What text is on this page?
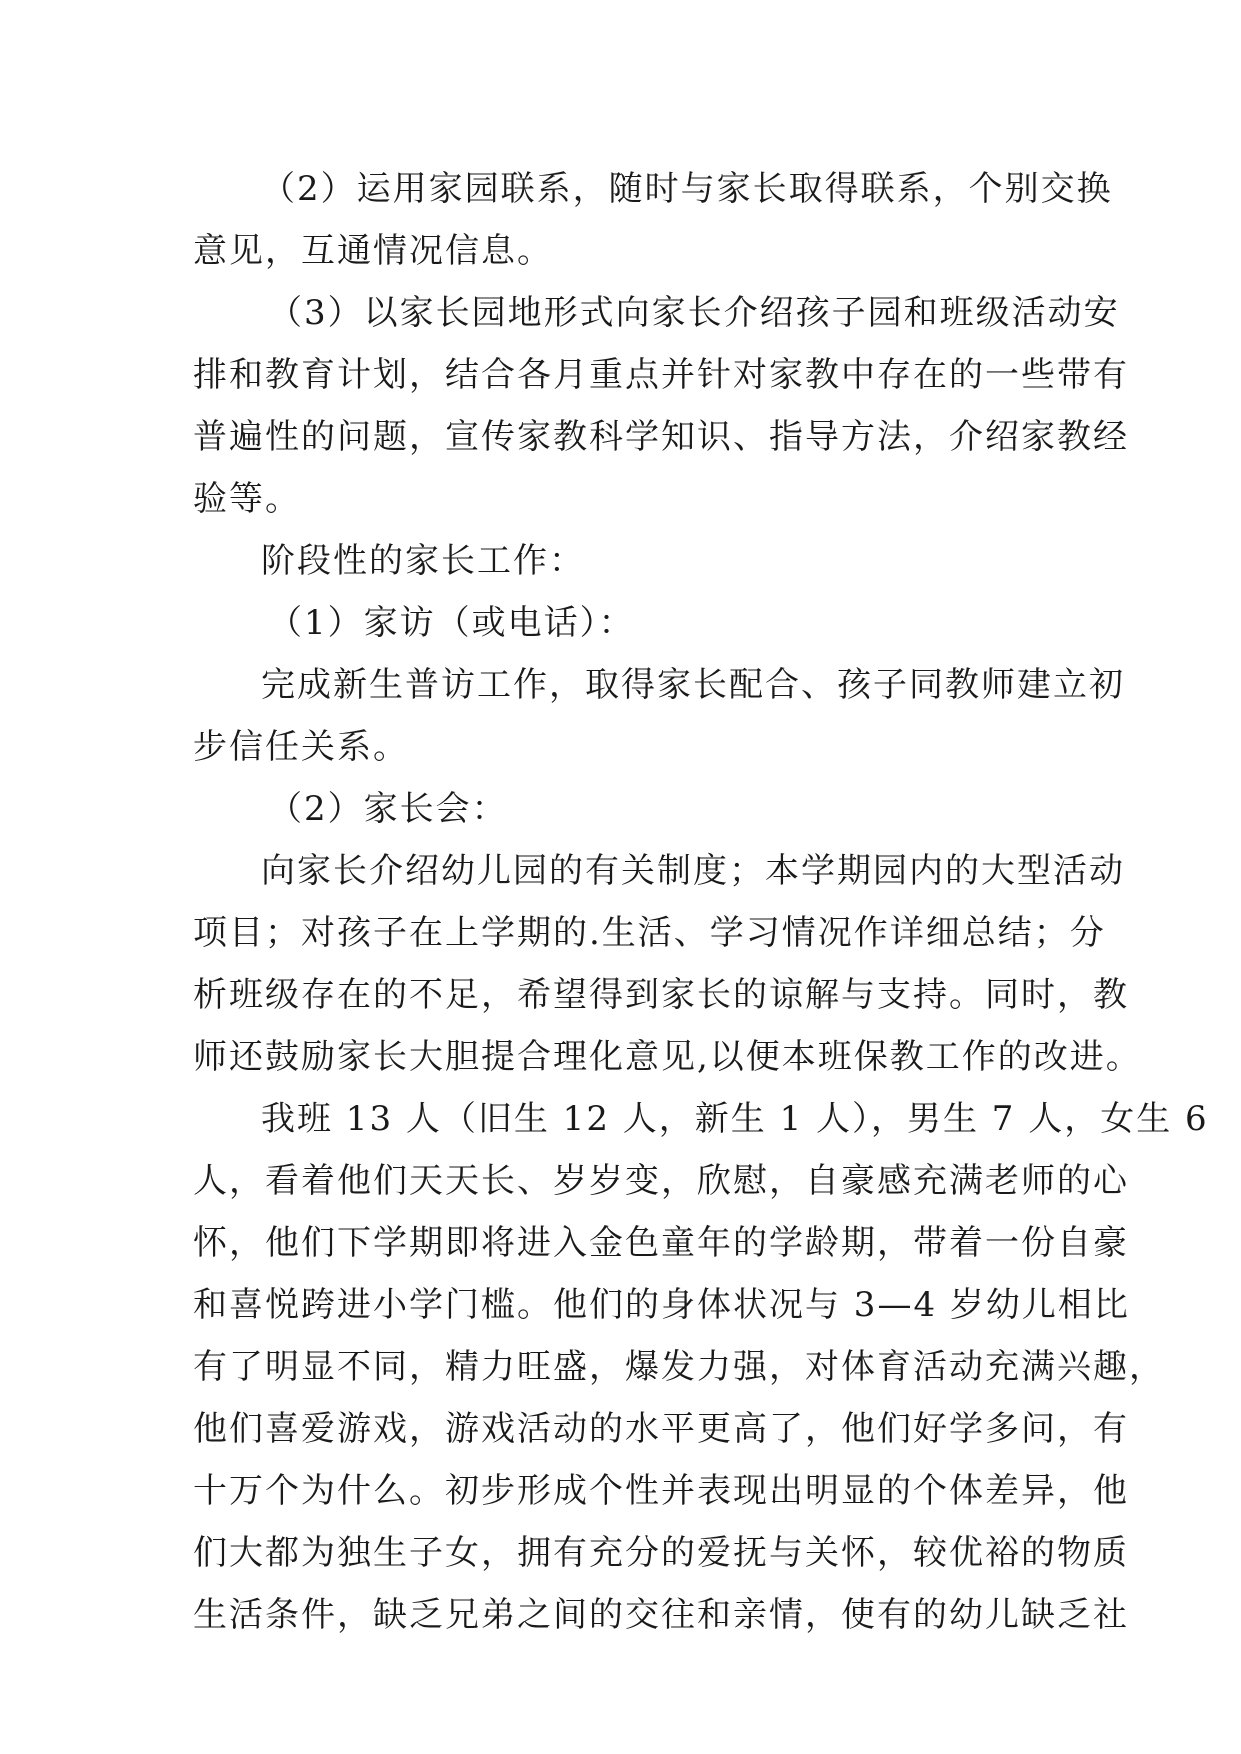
（2）运用家园联系，随时与家长取得联系，个别交换
意见，互通情况信息。
（3）以家长园地形式向家长介绍孩子园和班级活动安
排和教育计划，结合各月重点并针对家教中存在的一些带有
普遍性的问题，宣传家教科学知识、指导方法，介绍家教经
验等。
阶段性的家长工作：
（1）家访（或电话）：
完成新生普访工作，取得家长配合、孩子同教师建立初
步信任关系。
（2）家长会：
向家长介绍幼儿园的有关制度；本学期园内的大型活动
项目；对孩子在上学期的.生活、学习情况作详细总结；分
析班级存在的不足，希望得到家长的谅解与支持。同时，教
师还鼓励家长大胆提合理化意见,以便本班保教工作的改进。
我班 13 人（旧生 12 人，新生 1 人），男生 7 人，女生 6
人，看着他们天天长、岁岁变，欣慰，自豪感充满老师的心
怀，他们下学期即将进入金色童年的学龄期，带着一份自豪
和喜悦跨进小学门槛。他们的身体状况与 3—4 岁幼儿相比
有了明显不同，精力旺盛，爆发力强，对体育活动充满兴趣，
他们喜爱游戏，游戏活动的水平更高了，他们好学多问，有
十万个为什么。初步形成个性并表现出明显的个体差异，他
们大都为独生子女，拥有充分的爱抚与关怀，较优裕的物质
生活条件，缺乏兄弟之间的交往和亲情，使有的幼儿缺乏社
